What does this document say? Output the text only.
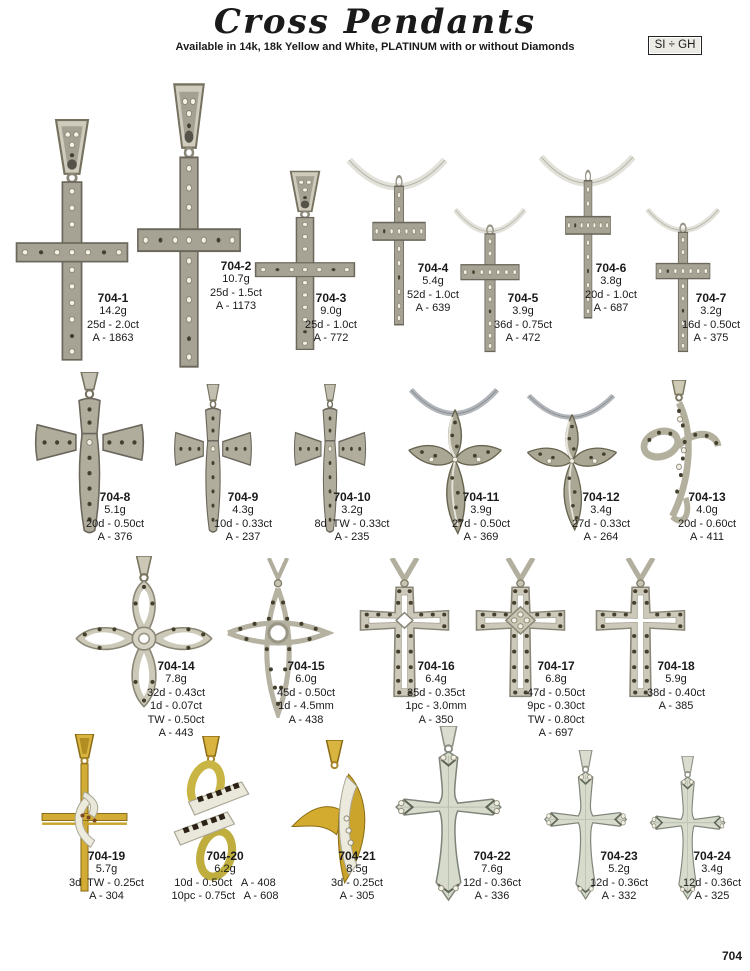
Cross Pendants
Available in 14k, 18k Yellow and White, PLATINUM with or without Diamonds	SI ÷ GH
704-1
14.2g
25d - 2.0ct
A - 1863
704-2
10.7g
25d - 1.5ct
A - 1173
704-3
9.0g
25d - 1.0ct
A - 772
704-4
5.4g
52d - 1.0ct
A - 639
704-5
3.9g
36d - 0.75ct
A - 472
704-6
3.8g
20d - 1.0ct
A - 687
704-7
3.2g
16d - 0.50ct
A - 375
704-8
5.1g
20d - 0.50ct
A - 376
704-9
4.3g
10d - 0.33ct
A - 237
704-10
3.2g
8d  TW - 0.33ct
A - 235
704-11
3.9g
27d - 0.50ct
A - 369
704-12
3.4g
27d - 0.33ct
A - 264
704-13
4.0g
20d - 0.60ct
A - 411
704-14
7.8g
32d - 0.43ct
1d - 0.07ct
TW - 0.50ct
A - 443
704-15
6.0g
45d - 0.50ct
1d - 4.5mm
A - 438
704-16
6.4g
35d - 0.35ct
1pc - 3.0mm
A - 350
704-17
6.8g
47d - 0.50ct
9pc - 0.30ct
TW - 0.80ct
A - 697
704-18
5.9g
38d - 0.40ct
A - 385
704-19
5.7g
3d  TW - 0.25ct
A - 304
704-20
6.2g
10d - 0.50ct   A - 408
10pc - 0.75ct   A - 608
704-21
8.5g
3d - 0.25ct
A - 305
704-22
7.6g
12d - 0.36ct
A - 336
704-23
5.2g
12d - 0.36ct
A - 332
704-24
3.4g
12d - 0.36ct
A - 325
704
